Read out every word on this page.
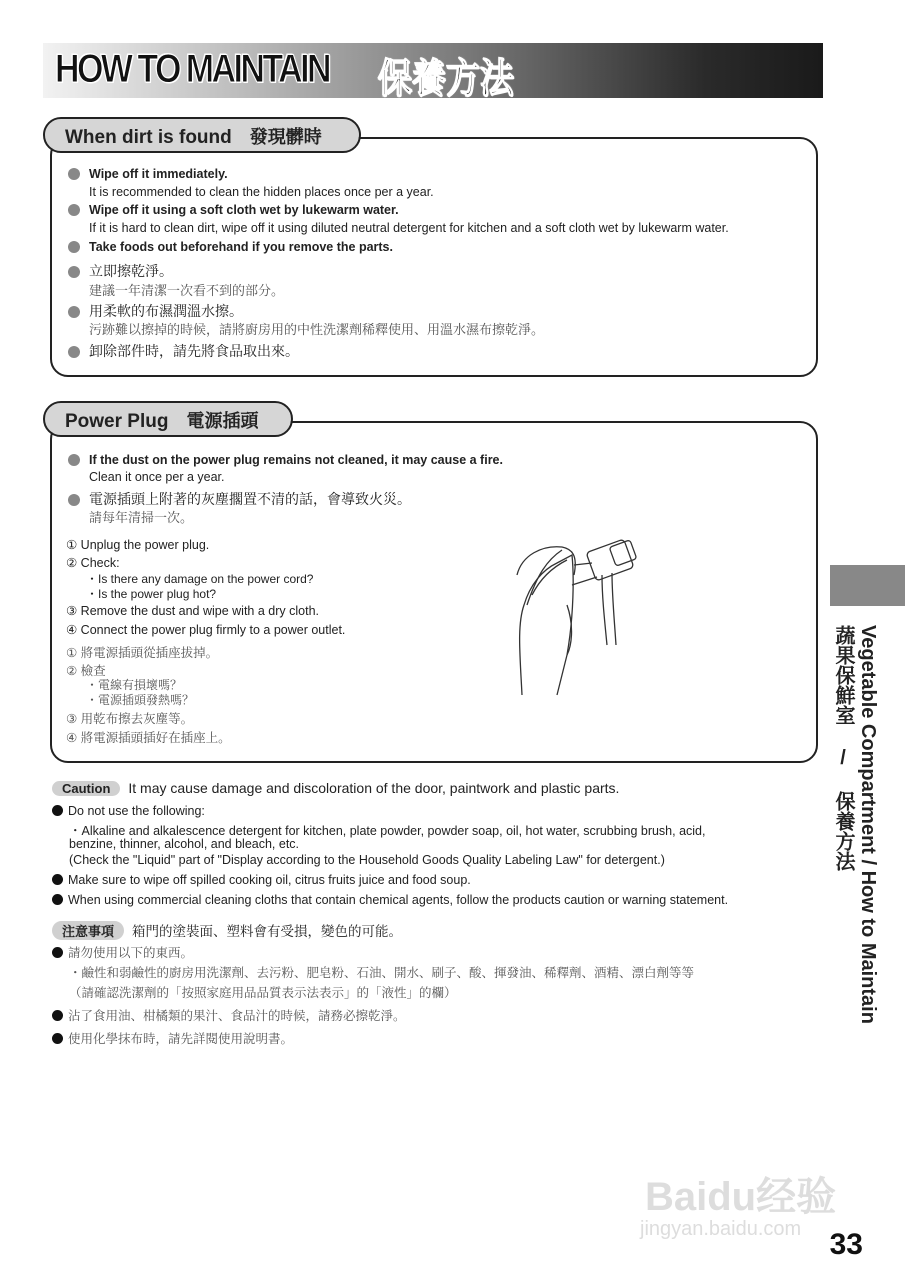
HOW TO MAINTAIN 保養方法
When dirt is found 發現髒時
Wipe off it immediately.
It is recommended to clean the hidden places once per a year.
Wipe off it using a soft cloth wet by lukewarm water.
If it is hard to clean dirt, wipe off it using diluted neutral detergent for kitchen and a soft cloth wet by lukewarm water.
Take foods out beforehand if you remove the parts.
立即擦乾淨。
建議一年清潔一次看不到的部分。
用柔軟的布濕潤溫水擦。
污跡難以擦掉的時候，請將廚房用的中性洗潔劑稀釋使用、用溫水濕布擦乾淨。
卸除部件時，請先將食品取出來。
Power Plug 電源插頭
If the dust on the power plug remains not cleaned, it may cause a fire.
Clean it once per a year.
電源插頭上附著的灰塵擱置不清的話，會導致火災。
請每年清掃一次。
① Unplug the power plug.
② Check:
・Is there any damage on the power cord?
・Is the power plug hot?
③ Remove the dust and wipe with a dry cloth.
④ Connect the power plug firmly to a power outlet.
① 將電源插頭從插座拔掉。
② 檢查
・電線有損壞嗎？
・電源插頭發熱嗎？
③ 用乾布擦去灰塵等。
④ 將電源插頭插好在插座上。
Caution It may cause damage and discoloration of the door, paintwork and plastic parts.
Do not use the following:
・Alkaline and alkalescence detergent for kitchen, plate powder, powder soap, oil, hot water, scrubbing brush, acid,
benzine, thinner, alcohol, and bleach, etc.
(Check the "Liquid" part of "Display according to the Household Goods Quality Labeling Law" for detergent.)
Make sure to wipe off spilled cooking oil, citrus fruits juice and food soup.
When using commercial cleaning cloths that contain chemical agents, follow the products caution or warning statement.
注意事項 箱門的塗裝面、塑料會有受損，變色的可能。
請勿使用以下的東西。
・鹼性和弱鹼性的廚房用洗潔劑、去污粉、肥皂粉、石油、開水、刷子、酸、揮發油、稀釋劑、酒精、漂白劑等等
（請確認洗潔劑的「按照家庭用品品質表示法表示」的「液性」的欄）
沾了食用油、柑橘類的果汁、食品汁的時候，請務必擦乾淨。
使用化學抹布時，請先詳閱使用說明書。
Vegetable Compartment / How to Maintain
蔬果保鮮室 / 保養方法
Baidu经验
jingyan.baidu.com 33
